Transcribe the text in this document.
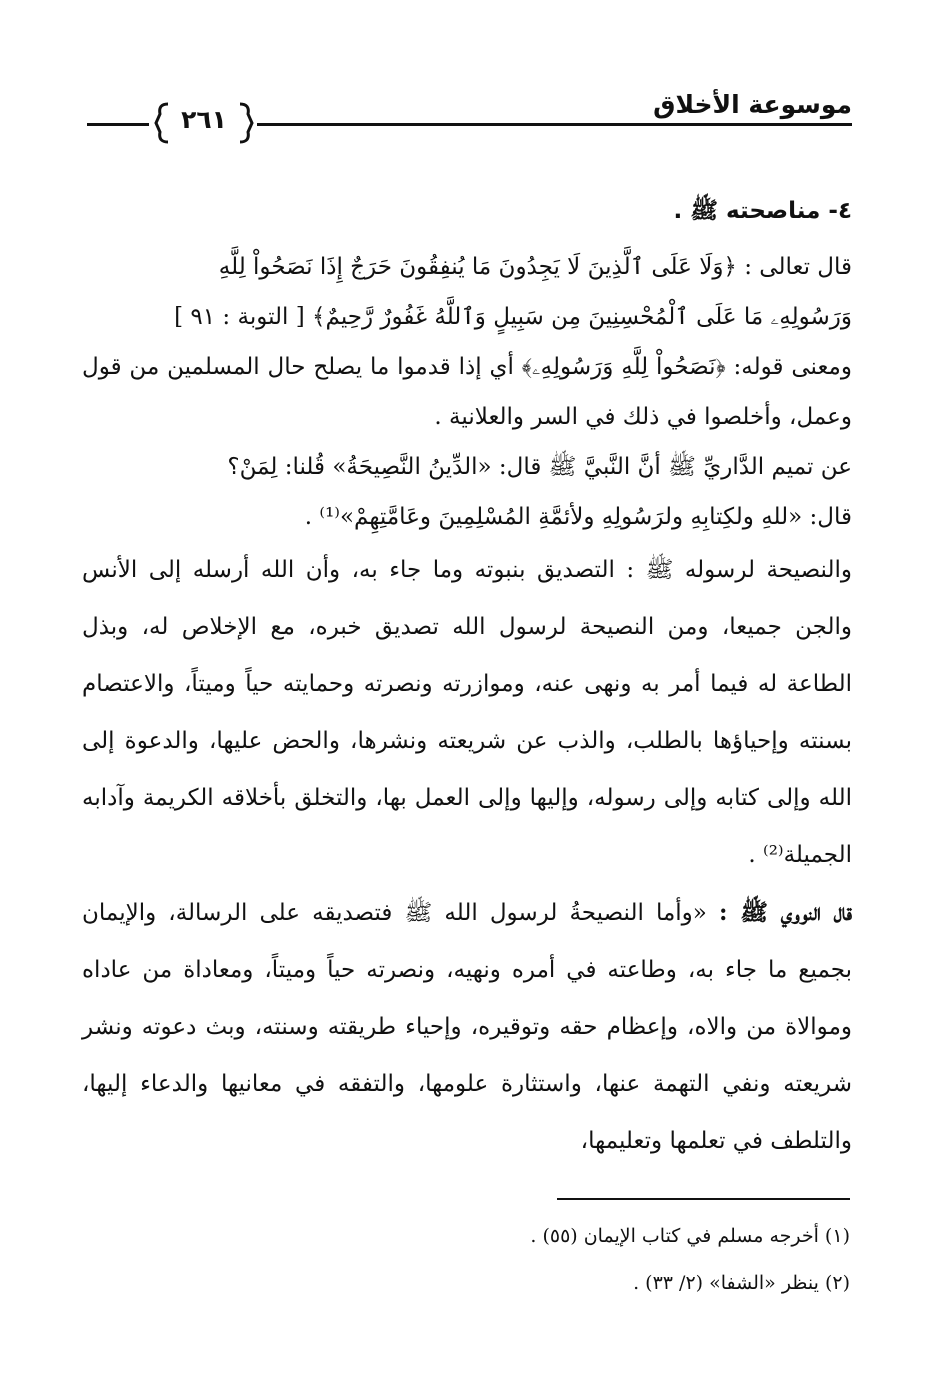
موسوعة الأخلاق
٢٦١

٤- مناصحته ﷺ .

قال تعالى : ﴿وَلَا عَلَى ٱلَّذِينَ لَا يَجِدُونَ مَا يُنفِقُونَ حَرَجٌ إِذَا نَصَحُواْ لِلَّهِ

وَرَسُولِهِۦ مَا عَلَى ٱلْمُحْسِنِينَ مِن سَبِيلٍ وَٱللَّهُ غَفُورٌ رَّحِيمٌ﴾ [ التوبة : ٩١ ]

ومعنى قوله: ﴿نَصَحُواْ لِلَّهِ وَرَسُولِهِۦ﴾ أي إذا قدموا ما يصلح حال المسلمين من قول وعمل، وأخلصوا في ذلك في السر والعلانية .

عن تميم الدَّاريِّ ﷺ أنَّ النَّبيَّ ﷺ قال: «الدِّينُ النَّصِيحَةُ» قُلنا: لِمَنْ؟

قال: «للهِ ولكِتابِهِ ولرَسُولِهِ ولأئمَّةِ المُسْلِمِينَ وعَامَّتِهِمْ»⁽¹⁾ .

والنصيحة لرسوله ﷺ : التصديق بنبوته وما جاء به، وأن الله أرسله إلى الأنس والجن جميعا، ومن النصيحة لرسول الله تصديق خبره، مع الإخلاص له، وبذل الطاعة له فيما أمر به ونهى عنه، وموازرته ونصرته وحمايته حياً وميتاً، والاعتصام بسنته وإحياؤها بالطلب، والذب عن شريعته ونشرها، والحض عليها، والدعوة إلى الله وإلى كتابه وإلى رسوله، وإليها وإلى العمل بها، والتخلق بأخلاقه الكريمة وآدابه الجميلة⁽²⁾ .

قال النووي ﷺ : «وأما النصيحةُ لرسول الله ﷺ فتصديقه على الرسالة، والإيمان بجميع ما جاء به، وطاعته في أمره ونهيه، ونصرته حياً وميتاً، ومعاداة من عاداه وموالاة من والاه، وإعظام حقه وتوقيره، وإحياء طريقته وسنته، وبث دعوته ونشر شريعته ونفي التهمة عنها، واستثارة علومها، والتفقه في معانيها والدعاء إليها، والتلطف في تعلمها وتعليمها،

(١) أخرجه مسلم في كتاب الإيمان (٥٥) .

(٢) ينظر «الشفا» (٢/ ٣٣) .
